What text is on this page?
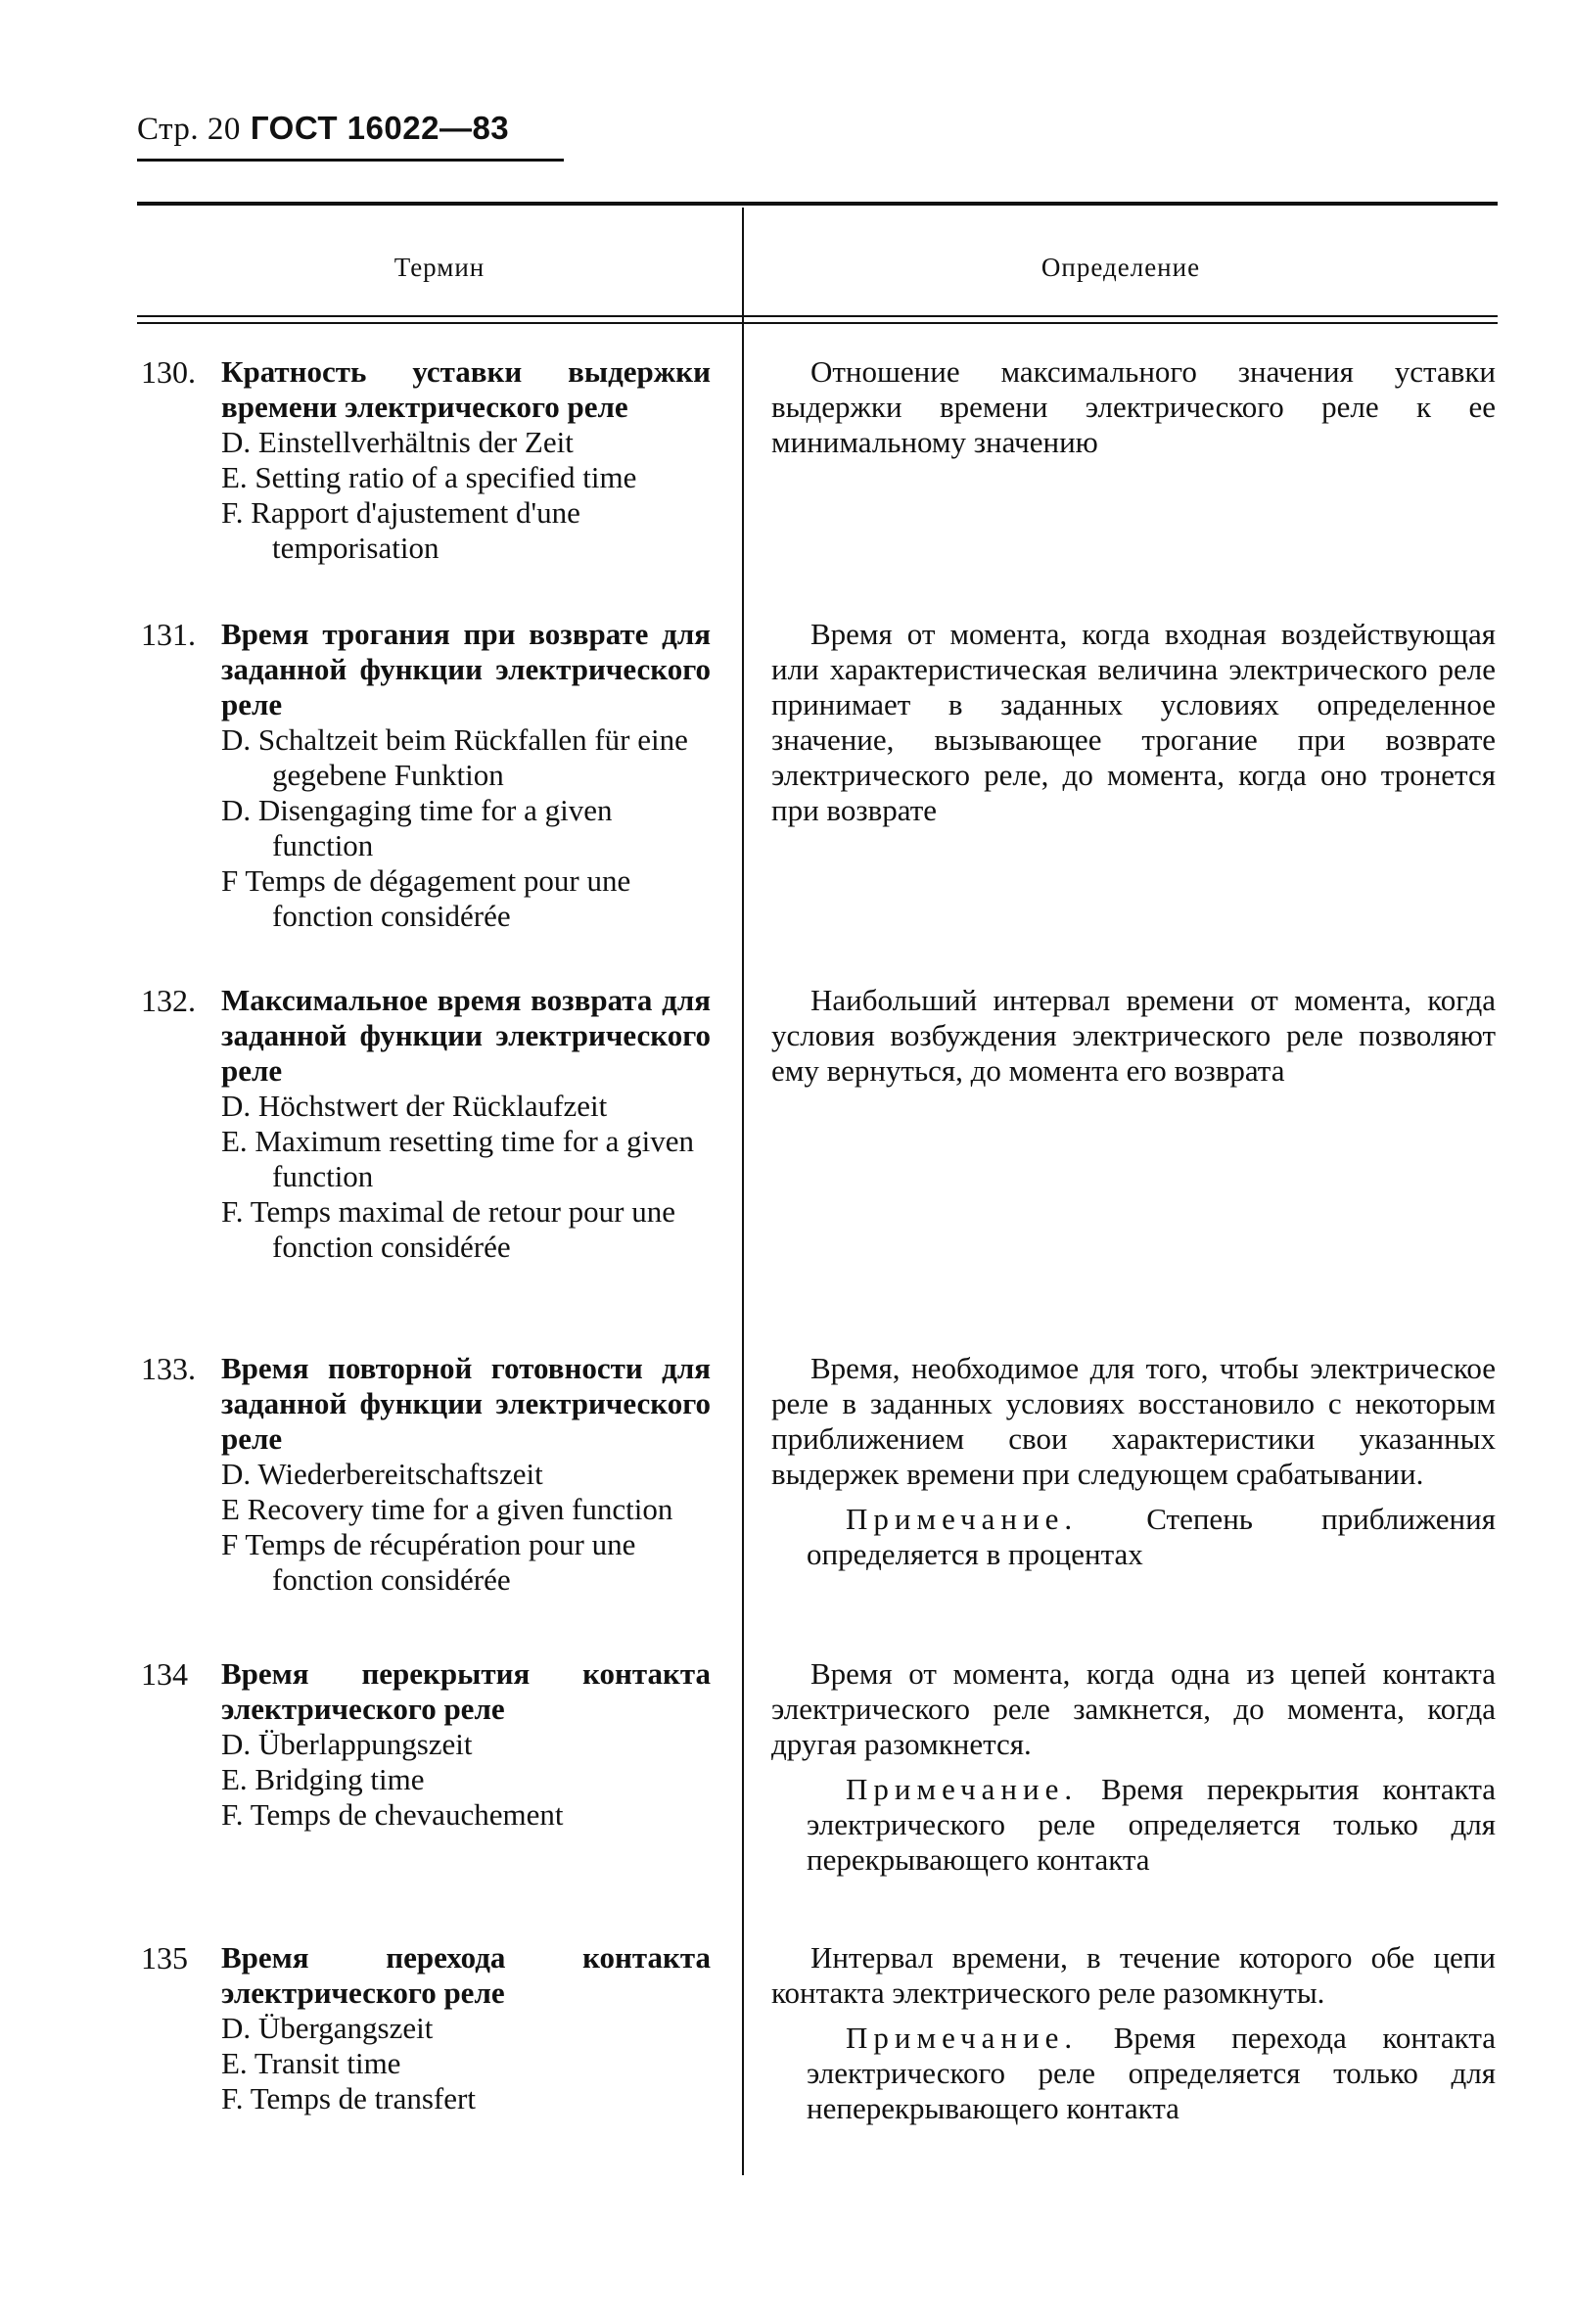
Стр. 20 ГОСТ 16022—83
Термин	Определение
130. Кратность уставки выдержки времени электрического реле
D. Einstellverhältnis der Zeit
E. Setting ratio of a specified time
F. Rapport d'ajustement d'une temporisation
Отношение максимального значения уставки выдержки времени электрического реле к ее минимальному значению
131. Время трогания при возврате для заданной функции электрического реле
D. Schaltzeit beim Rückfallen für eine gegebene Funktion
D. Disengaging time for a given function
F Temps de dégagement pour une fonction considérée
Время от момента, когда входная воздействующая или характеристическая величина электрического реле принимает в заданных условиях определенное значение, вызывающее трогание при возврате электрического реле, до момента, когда оно тронется при возврате
132. Максимальное время возврата для заданной функции электрического реле
D. Höchstwert der Rücklaufzeit
E. Maximum resetting time for a given function
F. Temps maximal de retour pour une fonction considérée
Наибольший интервал времени от момента, когда условия возбуждения электрического реле позволяют ему вернуться, до момента его возврата
133. Время повторной готовности для заданной функции электрического реле
D. Wiederbereitschaftszeit
E Recovery time for a given function
F Temps de récupération pour une fonction considérée
Время, необходимое для того, чтобы электрическое реле в заданных условиях восстановило с некоторым приближением свои характеристики указанных выдержек времени при следующем срабатывании.
Примечание. Степень приближения определяется в процентах
134 Время перекрытия контакта электрического реле
D. Überlappungszeit
E. Bridging time
F. Temps de chevauchement
Время от момента, когда одна из цепей контакта электрического реле замкнется, до момента, когда другая разомкнется.
Примечание. Время перекрытия контакта электрического реле определяется только для перекрывающего контакта
135 Время перехода контакта электрического реле
D. Übergangszeit
E. Transit time
F. Temps de transfert
Интервал времени, в течение которого обе цепи контакта электрического реле разомкнуты.
Примечание. Время перехода контакта электрического реле определяется только для неперекрывающего контакта
